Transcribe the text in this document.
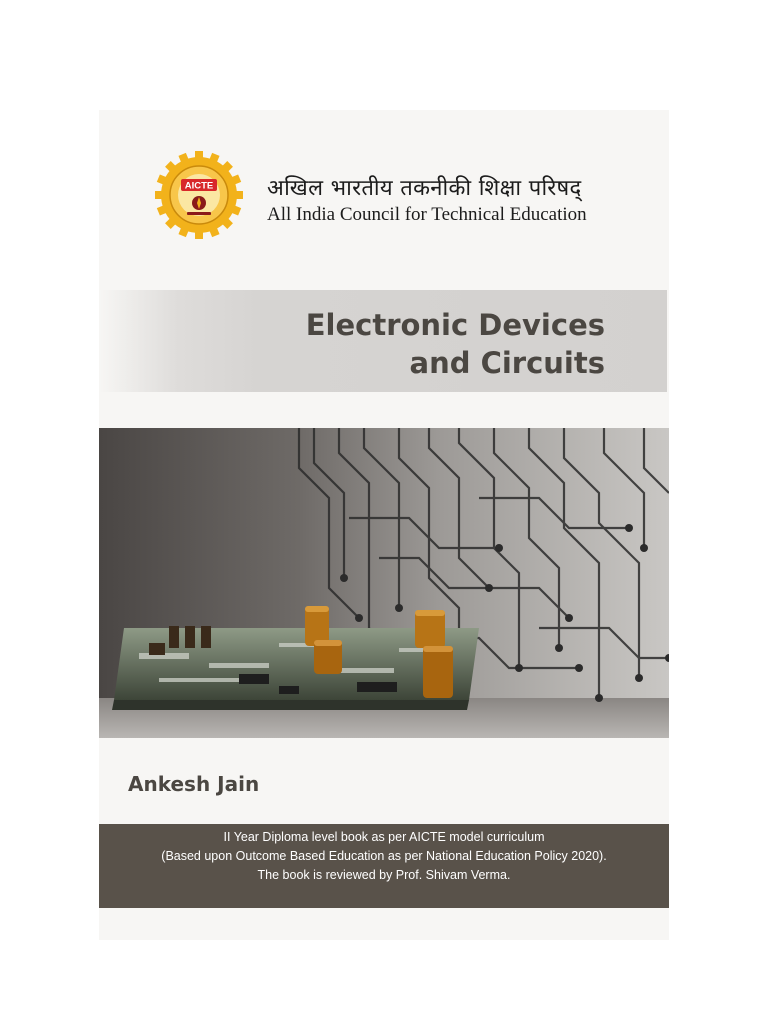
AICTE अखिल भारतीय तकनीकी शिक्षा परिषद्
All India Council for Technical Education
Electronic Devices
and Circuits
Ankesh Jain
II Year Diploma level book as per AICTE model curriculum
(Based upon Outcome Based Education as per National Education Policy 2020).
The book is reviewed by Prof. Shivam Verma.
